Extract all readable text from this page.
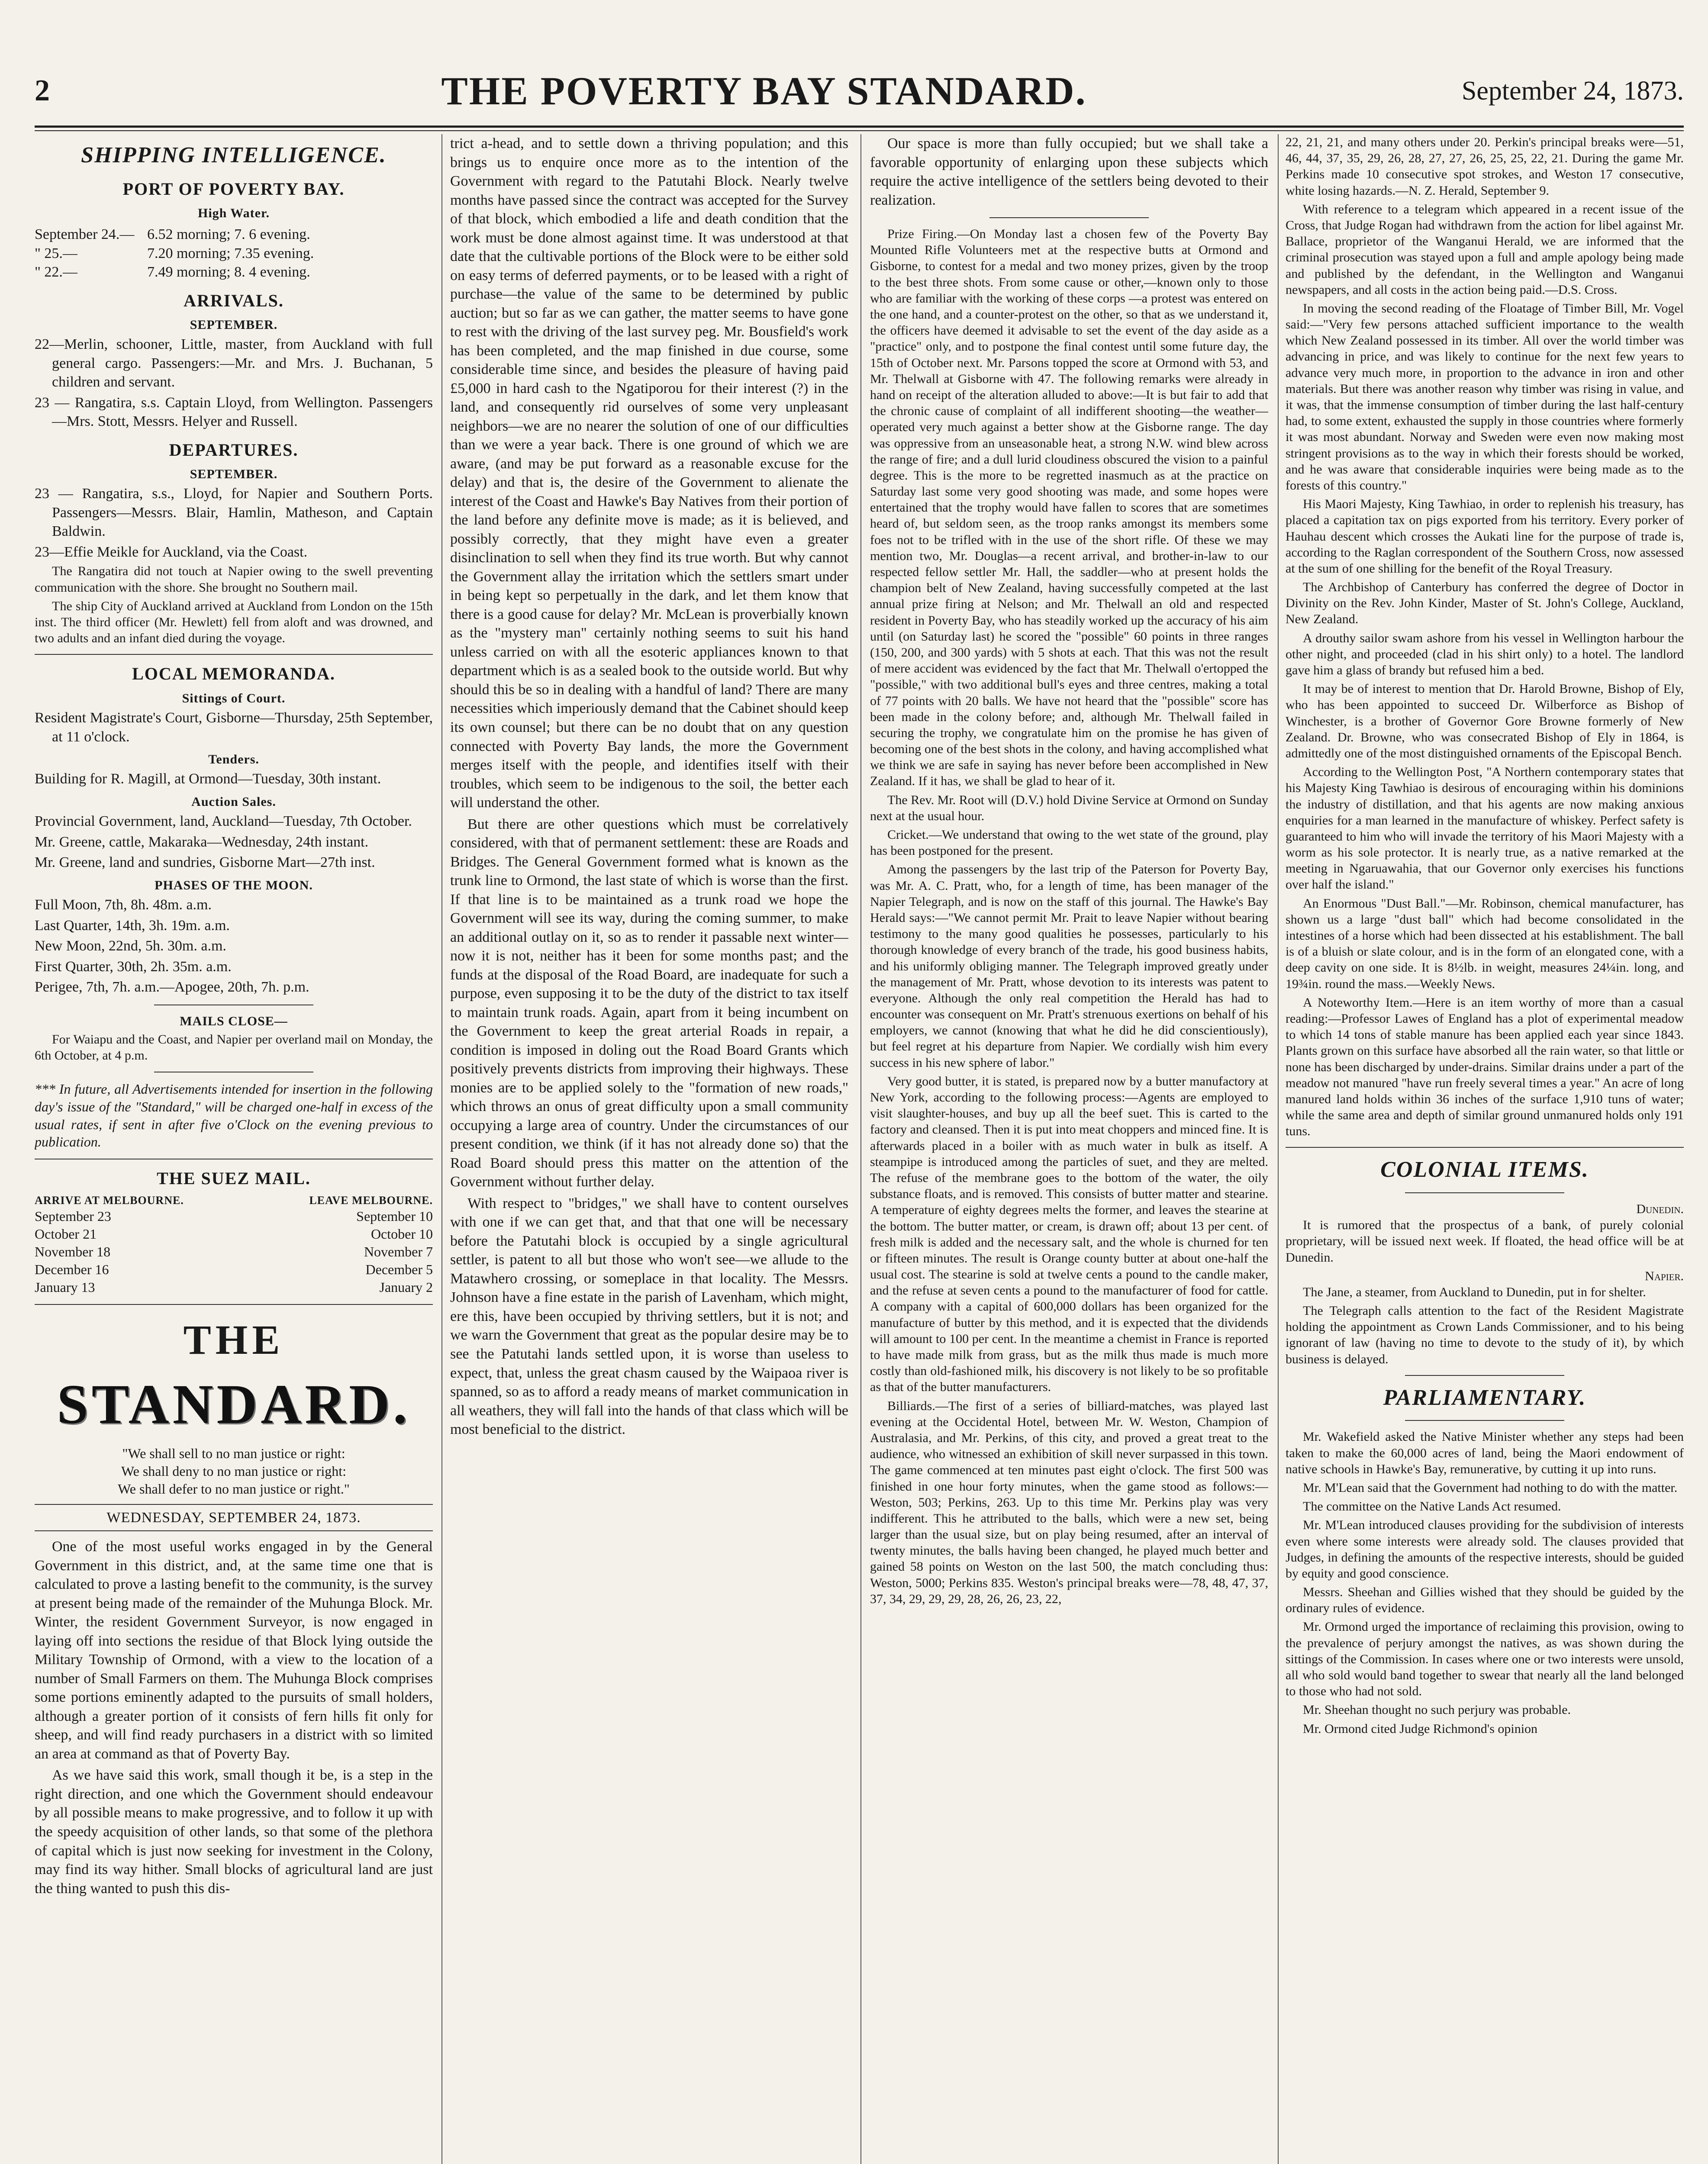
2	THE POVERTY BAY STANDARD.	September 24, 1873.
SHIPPING INTELLIGENCE.
PORT OF POVERTY BAY.
High Water.
September 24.— 6.52 morning; 7. 6 evening.
" 25.—	7.20 morning; 7.35 evening.
" 22.—	7.49 morning; 8. 4 evening.
ARRIVALS.
SEPTEMBER.
22—Merlin, schooner, Little, master, from Auckland with full general cargo. Passengers:—Mr. and Mrs. J. Buchanan, 5 children and servant.
23 — Rangatira, s.s. Captain Lloyd, from Wellington. Passengers—Mrs. Stott, Messrs. Helyer and Russell.
DEPARTURES.
SEPTEMBER.
23 — Rangatira, s.s., Lloyd, for Napier and Southern Ports. Passengers—Messrs. Blair, Hamlin, Matheson, and Captain Baldwin.
23—Effie Meikle for Auckland, via the Coast.

The Rangatira did not touch at Napier owing to the swell preventing communication with the shore. She brought no Southern mail.

The ship City of Auckland arrived at Auckland from London on the 15th inst. The third officer (Mr. Hewlett) fell from aloft and was drowned, and two adults and an infant died during the voyage.

LOCAL MEMORANDA.
Sittings of Court.
Resident Magistrate's Court, Gisborne—Thursday, 25th September, at 11 o'clock.
Tenders.
Building for R. Magill, at Ormond—Tuesday, 30th instant.
Auction Sales.
Provincial Government, land, Auckland—Tuesday, 7th October.
Mr. Greene, cattle, Makaraka—Wednesday, 24th instant.
Mr. Greene, land and sundries, Gisborne Mart—27th inst.
PHASES OF THE MOON.
Full Moon, 7th, 8h. 48m. a.m.
Last Quarter, 14th, 3h. 19m. a.m.
New Moon, 22nd, 5h. 30m. a.m.
First Quarter, 30th, 2h. 35m. a.m.
Perigee, 7th, 7h. a.m.—Apogee, 20th, 7h. p.m.
MAILS CLOSE—

For Waiapu and the Coast, and Napier per overland mail on Monday, the 6th October, at 4 p.m.

*** In future, all Advertisements intended for insertion in the following day's issue of the "Standard," will be charged one-half in excess of the usual rates, if sent in after five o'Clock on the evening previous to publication.
THE SUEZ MAIL.
ARRIVE AT MELBOURNE.	LEAVE MELBOURNE.
September 23	September 10
October 21	October 10
November 18	November 7
December 16	December 5
January 13	January 2
THE
STANDARD.
"We shall sell to no man justice or right:
We shall deny to no man justice or right:
We shall defer to no man justice or right."
WEDNESDAY, SEPTEMBER 24, 1873.

One of the most useful works engaged in by the General Government in this district, and, at the same time one that is calculated to prove a lasting benefit to the community, is the survey at present being made of the remainder of the Muhunga Block. Mr. Winter, the resident Government Surveyor, is now engaged in laying off into sections the residue of that Block lying outside the Military Township of Ormond, with a view to the location of a number of Small Farmers on them. The Muhunga Block comprises some portions eminently adapted to the pursuits of small holders, although a greater portion of it consists of fern hills fit only for sheep, and will find ready purchasers in a district with so limited an area at command as that of Poverty Bay.

As we have said this work, small though it be, is a step in the right direction, and one which the Government should endeavour by all possible means to make progressive, and to follow it up with the speedy acquisition of other lands, so that some of the plethora of capital which is just now seeking for investment in the Colony, may find its way hither. Small blocks of agricultural land are just the thing wanted to push this dis-

trict a-head, and to settle down a thriving population; and this brings us to enquire once more as to the intention of the Government with regard to the Patutahi Block. Nearly twelve months have passed since the contract was accepted for the Survey of that block, which embodied a life and death condition that the work must be done almost against time. It was understood at that date that the cultivable portions of the Block were to be either sold on easy terms of deferred payments, or to be leased with a right of purchase—the value of the same to be determined by public auction; but so far as we can gather, the matter seems to have gone to rest with the driving of the last survey peg. Mr. Bousfield's work has been completed, and the map finished in due course, some considerable time since, and besides the pleasure of having paid £5,000 in hard cash to the Ngatiporou for their interest (?) in the land, and consequently rid ourselves of some very unpleasant neighbors—we are no nearer the solution of one of our difficulties than we were a year back. There is one ground of which we are aware, (and may be put forward as a reasonable excuse for the delay) and that is, the desire of the Government to alienate the interest of the Coast and Hawke's Bay Natives from their portion of the land before any definite move is made; as it is believed, and possibly correctly, that they might have even a greater disinclination to sell when they find its true worth. But why cannot the Government allay the irritation which the settlers smart under in being kept so perpetually in the dark, and let them know that there is a good cause for delay? Mr. McLean is proverbially known as the "mystery man" certainly nothing seems to suit his hand unless carried on with all the esoteric appliances known to that department which is as a sealed book to the outside world. But why should this be so in dealing with a handful of land? There are many necessities which imperiously demand that the Cabinet should keep its own counsel; but there can be no doubt that on any question connected with Poverty Bay lands, the more the Government merges itself with the people, and identifies itself with their troubles, which seem to be indigenous to the soil, the better each will understand the other.

But there are other questions which must be correlatively considered, with that of permanent settlement: these are Roads and Bridges. The General Government formed what is known as the trunk line to Ormond, the last state of which is worse than the first. If that line is to be maintained as a trunk road we hope the Government will see its way, during the coming summer, to make an additional outlay on it, so as to render it passable next winter—now it is not, neither has it been for some months past; and the funds at the disposal of the Road Board, are inadequate for such a purpose, even supposing it to be the duty of the district to tax itself to maintain trunk roads. Again, apart from it being incumbent on the Government to keep the great arterial Roads in repair, a condition is imposed in doling out the Road Board Grants which positively prevents districts from improving their highways. These monies are to be applied solely to the "formation of new roads," which throws an onus of great difficulty upon a small community occupying a large area of country. Under the circumstances of our present condition, we think (if it has not already done so) that the Road Board should press this matter on the attention of the Government without further delay.

With respect to "bridges," we shall have to content ourselves with one if we can get that, and that that one will be necessary before the Patutahi block is occupied by a single agricultural settler, is patent to all but those who won't see—we allude to the Matawhero crossing, or someplace in that locality. The Messrs. Johnson have a fine estate in the parish of Lavenham, which might, ere this, have been occupied by thriving settlers, but it is not; and we warn the Government that great as the popular desire may be to see the Patutahi lands settled upon, it is worse than useless to expect, that, unless the great chasm caused by the Waipaoa river is spanned, so as to afford a ready means of market communication in all weathers, they will fall into the hands of that class which will be most beneficial to the district.

Our space is more than fully occupied; but we shall take a favorable opportunity of enlarging upon these subjects which require the active intelligence of the settlers being devoted to their realization.

Prize Firing.—On Monday last a chosen few of the Poverty Bay Mounted Rifle Volunteers met at the respective butts at Ormond and Gisborne, to contest for a medal and two money prizes, given by the troop to the best three shots. From some cause or other,—known only to those who are familiar with the working of these corps —a protest was entered on the one hand, and a counter-protest on the other, so that as we understand it, the officers have deemed it advisable to set the event of the day aside as a "practice" only, and to postpone the final contest until some future day, the 15th of October next. Mr. Parsons topped the score at Ormond with 53, and Mr. Thelwall at Gisborne with 47. The following remarks were already in hand on receipt of the alteration alluded to above:—It is but fair to add that the chronic cause of complaint of all indifferent shooting—the weather—operated very much against a better show at the Gisborne range. The day was oppressive from an unseasonable heat, a strong N.W. wind blew across the range of fire; and a dull lurid cloudiness obscured the vision to a painful degree. This is the more to be regretted inasmuch as at the practice on Saturday last some very good shooting was made, and some hopes were entertained that the trophy would have fallen to scores that are sometimes heard of, but seldom seen, as the troop ranks amongst its members some foes not to be trifled with in the use of the short rifle. Of these we may mention two, Mr. Douglas—a recent arrival, and brother-in-law to our respected fellow settler Mr. Hall, the saddler—who at present holds the champion belt of New Zealand, having successfully competed at the last annual prize firing at Nelson; and Mr. Thelwall an old and respected resident in Poverty Bay, who has steadily worked up the accuracy of his aim until (on Saturday last) he scored the "possible" 60 points in three ranges (150, 200, and 300 yards) with 5 shots at each. That this was not the result of mere accident was evidenced by the fact that Mr. Thelwall o'ertopped the "possible," with two additional bull's eyes and three centres, making a total of 77 points with 20 balls. We have not heard that the "possible" score has been made in the colony before; and, although Mr. Thelwall failed in securing the trophy, we congratulate him on the promise he has given of becoming one of the best shots in the colony, and having accomplished what we think we are safe in saying has never before been accomplished in New Zealand. If it has, we shall be glad to hear of it.

The Rev. Mr. Root will (D.V.) hold Divine Service at Ormond on Sunday next at the usual hour.

Cricket.—We understand that owing to the wet state of the ground, play has been postponed for the present.

Among the passengers by the last trip of the Paterson for Poverty Bay, was Mr. A. C. Pratt, who, for a length of time, has been manager of the Napier Telegraph, and is now on the staff of this journal. The Hawke's Bay Herald says:—"We cannot permit Mr. Prait to leave Napier without bearing testimony to the many good qualities he possesses, particularly to his thorough knowledge of every branch of the trade, his good business habits, and his uniformly obliging manner. The Telegraph improved greatly under the management of Mr. Pratt, whose devotion to its interests was patent to everyone. Although the only real competition the Herald has had to encounter was consequent on Mr. Pratt's strenuous exertions on behalf of his employers, we cannot (knowing that what he did he did conscientiously), but feel regret at his departure from Napier. We cordially wish him every success in his new sphere of labor."

Very good butter, it is stated, is prepared now by a butter manufactory at New York, according to the following process:—Agents are employed to visit slaughter-houses, and buy up all the beef suet. This is carted to the factory and cleansed. Then it is put into meat choppers and minced fine. It is afterwards placed in a boiler with as much water in bulk as itself. A steampipe is introduced among the particles of suet, and they are melted. The refuse of the membrane goes to the bottom of the water, the oily substance floats, and is removed. This consists of butter matter and stearine. A temperature of eighty degrees melts the former, and leaves the stearine at the bottom. The butter matter, or cream, is drawn off; about 13 per cent. of fresh milk is added and the necessary salt, and the whole is churned for ten or fifteen minutes. The result is Orange county butter at about one-half the usual cost. The stearine is sold at twelve cents a pound to the candle maker, and the refuse at seven cents a pound to the manufacturer of food for cattle. A company with a capital of 600,000 dollars has been organized for the manufacture of butter by this method, and it is expected that the dividends will amount to 100 per cent. In the meantime a chemist in France is reported to have made milk from grass, but as the milk thus made is much more costly than old-fashioned milk, his discovery is not likely to be so profitable as that of the butter manufacturers.

Billiards.—The first of a series of billiard-matches, was played last evening at the Occidental Hotel, between Mr. W. Weston, Champion of Australasia, and Mr. Perkins, of this city, and proved a great treat to the audience, who witnessed an exhibition of skill never surpassed in this town. The game commenced at ten minutes past eight o'clock. The first 500 was finished in one hour forty minutes, when the game stood as follows:—Weston, 503; Perkins, 263. Up to this time Mr. Perkins play was very indifferent. This he attributed to the balls, which were a new set, being larger than the usual size, but on play being resumed, after an interval of twenty minutes, the balls having been changed, he played much better and gained 58 points on Weston on the last 500, the match concluding thus: Weston, 5000; Perkins 835. Weston's principal breaks were—78, 48, 47, 37, 37, 34, 29, 29, 29, 28, 26, 26, 23, 22,

22, 21, 21, and many others under 20. Perkin's principal breaks were—51, 46, 44, 37, 35, 29, 26, 28, 27, 27, 26, 25, 25, 22, 21. During the game Mr. Perkins made 10 consecutive spot strokes, and Weston 17 consecutive, white losing hazards.—N. Z. Herald, September 9.

With reference to a telegram which appeared in a recent issue of the Cross, that Judge Rogan had withdrawn from the action for libel against Mr. Ballace, proprietor of the Wanganui Herald, we are informed that the criminal prosecution was stayed upon a full and ample apology being made and published by the defendant, in the Wellington and Wanganui newspapers, and all costs in the action being paid.—D.S. Cross.

In moving the second reading of the Floatage of Timber Bill, Mr. Vogel said:—"Very few persons attached sufficient importance to the wealth which New Zealand possessed in its timber. All over the world timber was advancing in price, and was likely to continue for the next few years to advance very much more, in proportion to the advance in iron and other materials. But there was another reason why timber was rising in value, and it was, that the immense consumption of timber during the last half-century had, to some extent, exhausted the supply in those countries where formerly it was most abundant. Norway and Sweden were even now making most stringent provisions as to the way in which their forests should be worked, and he was aware that considerable inquiries were being made as to the forests of this country."

His Maori Majesty, King Tawhiao, in order to replenish his treasury, has placed a capitation tax on pigs exported from his territory. Every porker of Hauhau descent which crosses the Aukati line for the purpose of trade is, according to the Raglan correspondent of the Southern Cross, now assessed at the sum of one shilling for the benefit of the Royal Treasury.

The Archbishop of Canterbury has conferred the degree of Doctor in Divinity on the Rev. John Kinder, Master of St. John's College, Auckland, New Zealand.

A drouthy sailor swam ashore from his vessel in Wellington harbour the other night, and proceeded (clad in his shirt only) to a hotel. The landlord gave him a glass of brandy but refused him a bed.

It may be of interest to mention that Dr. Harold Browne, Bishop of Ely, who has been appointed to succeed Dr. Wilberforce as Bishop of Winchester, is a brother of Governor Gore Browne formerly of New Zealand. Dr. Browne, who was consecrated Bishop of Ely in 1864, is admittedly one of the most distinguished ornaments of the Episcopal Bench.

According to the Wellington Post, "A Northern contemporary states that his Majesty King Tawhiao is desirous of encouraging within his dominions the industry of distillation, and that his agents are now making anxious enquiries for a man learned in the manufacture of whiskey. Perfect safety is guaranteed to him who will invade the territory of his Maori Majesty with a worm as his sole protector. It is nearly true, as a native remarked at the meeting in Ngaruawahia, that our Governor only exercises his functions over half the island."

An Enormous "Dust Ball."—Mr. Robinson, chemical manufacturer, has shown us a large "dust ball" which had become consolidated in the intestines of a horse which had been dissected at his establishment. The ball is of a bluish or slate colour, and is in the form of an elongated cone, with a deep cavity on one side. It is 8½lb. in weight, measures 24¼in. long, and 19¾in. round the mass.—Weekly News.

A Noteworthy Item.—Here is an item worthy of more than a casual reading:—Professor Lawes of England has a plot of experimental meadow to which 14 tons of stable manure has been applied each year since 1843. Plants grown on this surface have absorbed all the rain water, so that little or none has been discharged by under-drains. Similar drains under a part of the meadow not manured "have run freely several times a year." An acre of long manured land holds within 36 inches of the surface 1,910 tuns of water; while the same area and depth of similar ground unmanured holds only 191 tuns.

COLONIAL ITEMS.
Dunedin.

It is rumored that the prospectus of a bank, of purely colonial proprietary, will be issued next week. If floated, the head office will be at Dunedin.

Napier.

The Jane, a steamer, from Auckland to Dunedin, put in for shelter.

The Telegraph calls attention to the fact of the Resident Magistrate holding the appointment as Crown Lands Commissioner, and to his being ignorant of law (having no time to devote to the study of it), by which business is delayed.

PARLIAMENTARY.

Mr. Wakefield asked the Native Minister whether any steps had been taken to make the 60,000 acres of land, being the Maori endowment of native schools in Hawke's Bay, remunerative, by cutting it up into runs.

Mr. M'Lean said that the Government had nothing to do with the matter.

The committee on the Native Lands Act resumed.

Mr. M'Lean introduced clauses providing for the subdivision of interests even where some interests were already sold. The clauses provided that Judges, in defining the amounts of the respective interests, should be guided by equity and good conscience.

Messrs. Sheehan and Gillies wished that they should be guided by the ordinary rules of evidence.

Mr. Ormond urged the importance of reclaiming this provision, owing to the prevalence of perjury amongst the natives, as was shown during the sittings of the Commission. In cases where one or two interests were unsold, all who sold would band together to swear that nearly all the land belonged to those who had not sold.

Mr. Sheehan thought no such perjury was probable.

Mr. Ormond cited Judge Richmond's opinion
